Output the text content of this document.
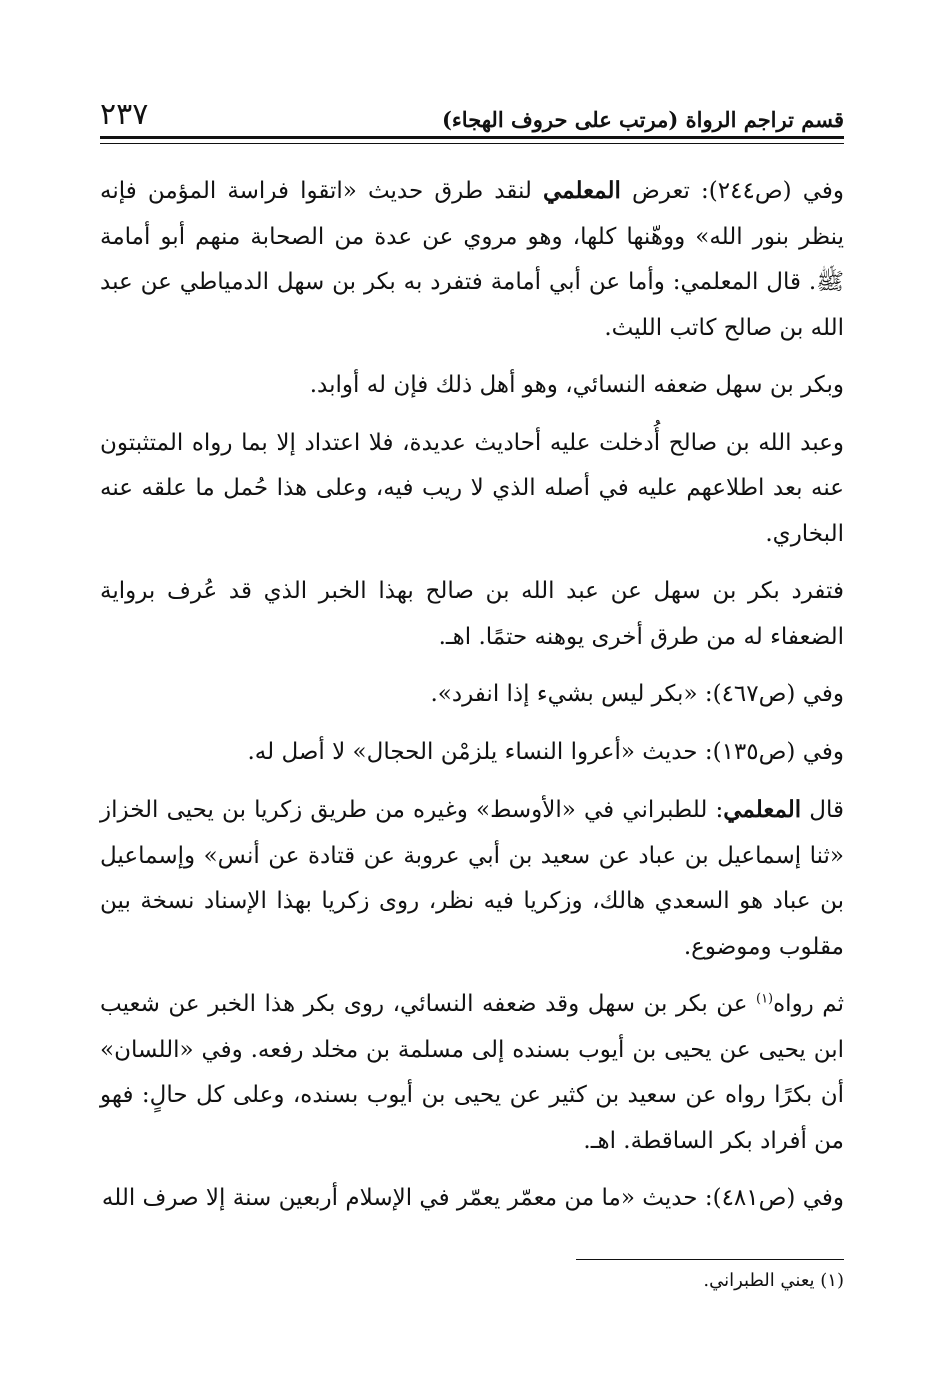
قسم تراجم الرواة (مرتب على حروف الهجاء)
٢٣٧

وفي (ص٢٤٤): تعرض المعلمي لنقد طرق حديث «اتقوا فراسة المؤمن فإنه ينظر بنور الله» ووهّنها كلها، وهو مروي عن عدة من الصحابة منهم أبو أمامة ﷺ. قال المعلمي: وأما عن أبي أمامة فتفرد به بكر بن سهل الدمياطي عن عبد الله بن صالح كاتب الليث.

وبكر بن سهل ضعفه النسائي، وهو أهل ذلك فإن له أوابد.

وعبد الله بن صالح أُدخلت عليه أحاديث عديدة، فلا اعتداد إلا بما رواه المتثبتون عنه بعد اطلاعهم عليه في أصله الذي لا ريب فيه، وعلى هذا حُمل ما علقه عنه البخاري.

فتفرد بكر بن سهل عن عبد الله بن صالح بهذا الخبر الذي قد عُرف برواية الضعفاء له من طرق أخرى يوهنه حتمًا. اهـ.

وفي (ص٤٦٧): «بكر ليس بشيء إذا انفرد».

وفي (ص١٣٥): حديث «أعروا النساء يلزمْن الحجال» لا أصل له.

قال المعلمي: للطبراني في «الأوسط» وغيره من طريق زكريا بن يحيى الخزاز «ثنا إسماعيل بن عباد عن سعيد بن أبي عروبة عن قتادة عن أنس» وإسماعيل بن عباد هو السعدي هالك، وزكريا فيه نظر، روى زكريا بهذا الإسناد نسخة بين مقلوب وموضوع.

ثم رواه$^{(١)}$ عن بكر بن سهل وقد ضعفه النسائي، روى بكر هذا الخبر عن شعيب ابن يحيى عن يحيى بن أيوب بسنده إلى مسلمة بن مخلد رفعه. وفي «اللسان» أن بكرًا رواه عن سعيد بن كثير عن يحيى بن أيوب بسنده، وعلى كل حالٍ: فهو من أفراد بكر الساقطة. اهـ.

وفي (ص٤٨١): حديث «ما من معمّر يعمّر في الإسلام أربعين سنة إلا صرف الله

(١) يعني الطبراني.
